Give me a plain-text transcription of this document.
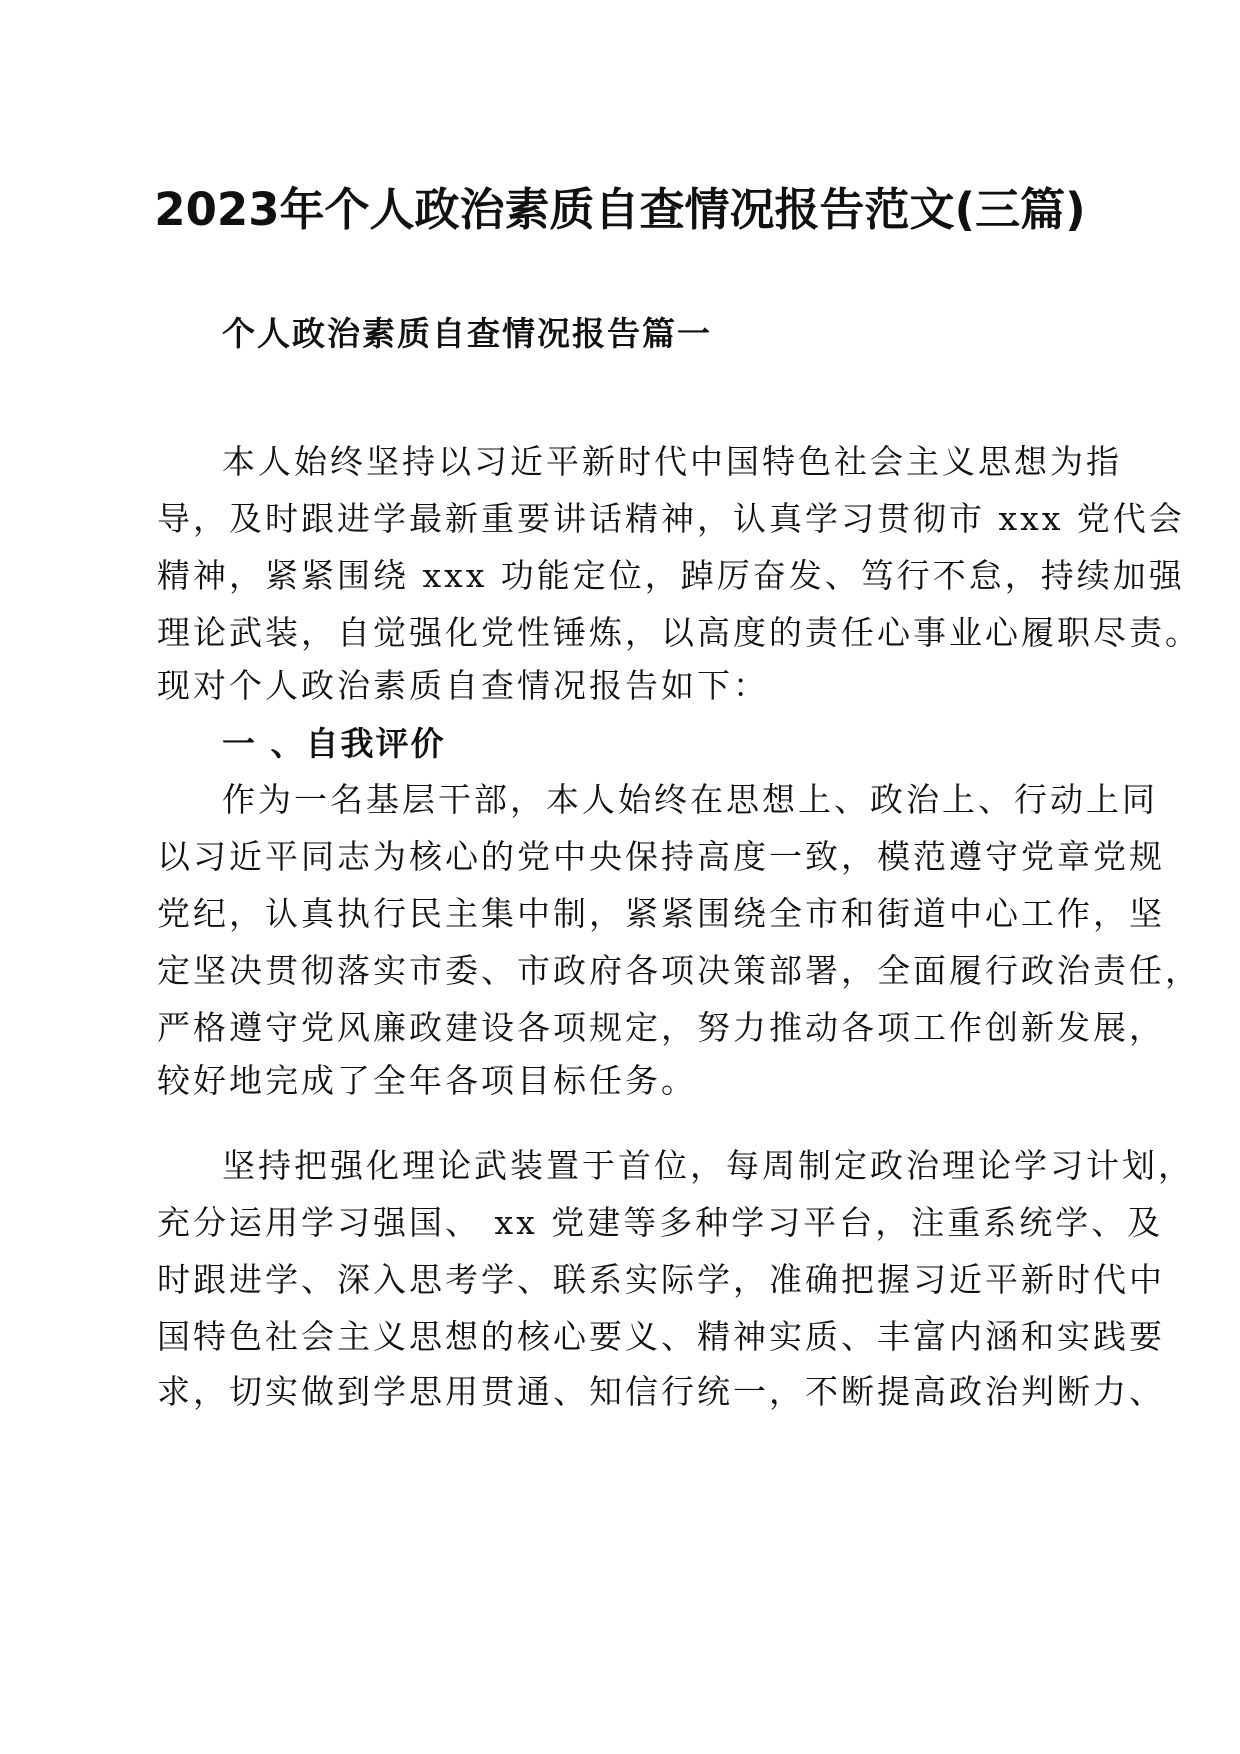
2023年个人政治素质自查情况报告范文(三篇)
个人政治素质自查情况报告篇一
本人始终坚持以习近平新时代中国特色社会主义思想为指
导，及时跟进学最新重要讲话精神，认真学习贯彻市 xxx 党代会
精神，紧紧围绕 xxx 功能定位，踔厉奋发、笃行不怠，持续加强
理论武装，自觉强化党性锤炼，以高度的责任心事业心履职尽责。
现对个人政治素质自查情况报告如下：
一 、自我评价
作为一名基层干部，本人始终在思想上、政治上、行动上同
以习近平同志为核心的党中央保持高度一致，模范遵守党章党规
党纪，认真执行民主集中制，紧紧围绕全市和街道中心工作，坚
定坚决贯彻落实市委、市政府各项决策部署，全面履行政治责任，
严格遵守党风廉政建设各项规定，努力推动各项工作创新发展，
较好地完成了全年各项目标任务。
坚持把强化理论武装置于首位，每周制定政治理论学习计划，
充分运用学习强国、 xx 党建等多种学习平台，注重系统学、及
时跟进学、深入思考学、联系实际学，准确把握习近平新时代中
国特色社会主义思想的核心要义、精神实质、丰富内涵和实践要
求，切实做到学思用贯通、知信行统一，不断提高政治判断力、
